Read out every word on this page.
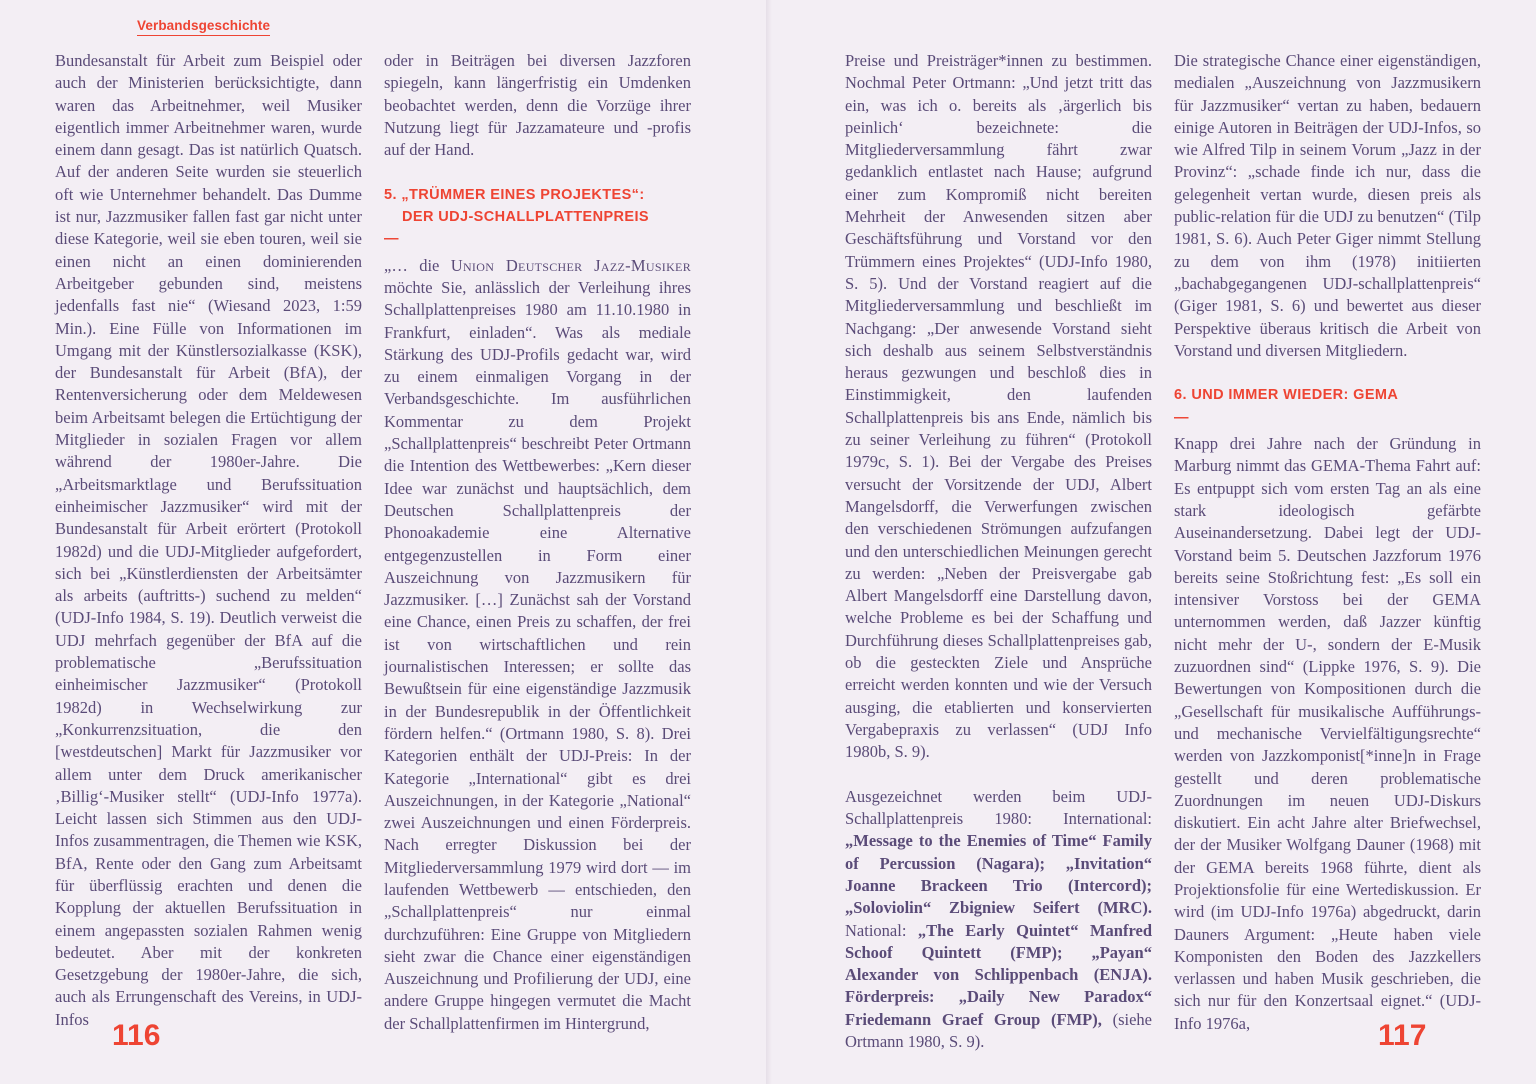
Verbandsgeschichte

Bundesanstalt für Arbeit zum Beispiel oder auch der Ministerien berücksichtigte, dann waren das Arbeitnehmer, weil Musiker eigentlich immer Arbeitnehmer waren, wurde einem dann gesagt. Das ist natürlich Quatsch. Auf der anderen Seite wurden sie steuerlich oft wie Unternehmer behandelt. Das Dumme ist nur, Jazzmusiker fallen fast gar nicht unter diese Kategorie, weil sie eben touren, weil sie einen nicht an einen dominierenden Arbeitgeber gebunden sind, meistens jedenfalls fast nie“ (Wiesand 2023, 1:59 Min.). Eine Fülle von Informationen im Umgang mit der Künstlersozialkasse (KSK), der Bundesanstalt für Arbeit (BfA), der Rentenversicherung oder dem Meldewesen beim Arbeitsamt belegen die Ertüchtigung der Mitglieder in sozialen Fragen vor allem während der 1980er-Jahre. Die „Arbeitsmarktlage und Berufssituation einheimischer Jazzmusiker“ wird mit der Bundesanstalt für Arbeit erörtert (Protokoll 1982d) und die UDJ-Mitglieder aufgefordert, sich bei „Künstlerdiensten der Arbeitsämter als arbeits (auftritts-) suchend zu melden“ (UDJ-Info 1984, S. 19). Deutlich verweist die UDJ mehrfach gegenüber der BfA auf die problematische „Berufssituation einheimischer Jazzmusiker“ (Protokoll 1982d) in Wechselwirkung zur „Konkurrenzsituation, die den [westdeutschen] Markt für Jazzmusiker vor allem unter dem Druck amerikanischer ‚Billig‘-Musiker stellt“ (UDJ-Info 1977a). Leicht lassen sich Stimmen aus den UDJ-Infos zusammentragen, die Themen wie KSK, BfA, Rente oder den Gang zum Arbeitsamt für überflüssig erachten und denen die Kopplung der aktuellen Berufssituation in einem angepassten sozialen Rahmen wenig bedeutet. Aber mit der konkreten Gesetzgebung der 1980er-Jahre, die sich, auch als Errungenschaft des Vereins, in UDJ-Infos

oder in Beiträgen bei diversen Jazzforen spiegeln, kann längerfristig ein Umdenken beobachtet werden, denn die Vorzüge ihrer Nutzung liegt für Jazzamateure und -profis auf der Hand.

5. „TRÜMMER EINES PROJEKTES“:
DER UDJ-SCHALLPLATTENPREIS
—

„… die Union Deutscher Jazz-Musiker möchte Sie, anlässlich der Verleihung ihres Schallplattenpreises 1980 am 11.10.1980 in Frankfurt, einladen“. Was als mediale Stärkung des UDJ-Profils gedacht war, wird zu einem einmaligen Vorgang in der Verbandsgeschichte. Im ausführlichen Kommentar zu dem Projekt „Schallplattenpreis“ beschreibt Peter Ortmann die Intention des Wettbewerbes: „Kern dieser Idee war zunächst und hauptsächlich, dem Deutschen Schallplattenpreis der Phonoakademie eine Alternative entgegenzustellen in Form einer Auszeichnung von Jazzmusikern für Jazzmusiker. […] Zunächst sah der Vorstand eine Chance, einen Preis zu schaffen, der frei ist von wirtschaftlichen und rein journalistischen Interessen; er sollte das Bewußtsein für eine eigenständige Jazzmusik in der Bundesrepublik in der Öffentlichkeit fördern helfen.“ (Ortmann 1980, S. 8). Drei Kategorien enthält der UDJ-Preis: In der Kategorie „International“ gibt es drei Auszeichnungen, in der Kategorie „National“ zwei Auszeichnungen und einen Förderpreis. Nach erregter Diskussion bei der Mitgliederversammlung 1979 wird dort — im laufenden Wettbewerb — entschieden, den „Schallplattenpreis“ nur einmal durchzuführen: Eine Gruppe von Mitgliedern sieht zwar die Chance einer eigenständigen Auszeichnung und Profilierung der UDJ, eine andere Gruppe hingegen vermutet die Macht der Schallplattenfirmen im Hintergrund,

Preise und Preisträger*innen zu bestimmen. Nochmal Peter Ortmann: „Und jetzt tritt das ein, was ich o. bereits als ‚ärgerlich bis peinlich‘ bezeichnete: die Mitgliederversammlung fährt zwar gedanklich entlastet nach Hause; aufgrund einer zum Kompromiß nicht bereiten Mehrheit der Anwesenden sitzen aber Geschäftsführung und Vorstand vor den Trümmern eines Projektes“ (UDJ-Info 1980, S. 5). Und der Vorstand reagiert auf die Mitgliederversammlung und beschließt im Nachgang: „Der anwesende Vorstand sieht sich deshalb aus seinem Selbstverständnis heraus gezwungen und beschloß dies in Einstimmigkeit, den laufenden Schallplattenpreis bis ans Ende, nämlich bis zu seiner Verleihung zu führen“ (Protokoll 1979c, S. 1). Bei der Vergabe des Preises versucht der Vorsitzende der UDJ, Albert Mangelsdorff, die Verwerfungen zwischen den verschiedenen Strömungen aufzufangen und den unterschiedlichen Meinungen gerecht zu werden: „Neben der Preisvergabe gab Albert Mangelsdorff eine Darstellung davon, welche Probleme es bei der Schaffung und Durchführung dieses Schallplattenpreises gab, ob die gesteckten Ziele und Ansprüche erreicht werden konnten und wie der Versuch ausging, die etablierten und konservierten Vergabepraxis zu verlassen“ (UDJ Info 1980b, S. 9).

Ausgezeichnet werden beim UDJ-Schallplattenpreis 1980: International: „Message to the Enemies of Time“ Family of Percussion (Nagara); „Invitation“ Joanne Brackeen Trio (Intercord); „Soloviolin“ Zbigniew Seifert (MRC). National: „The Early Quintet“ Manfred Schoof Quintett (FMP); „Payan“ Alexander von Schlippenbach (ENJA). Förderpreis: „Daily New Paradox“ Friedemann Graef Group (FMP), (siehe Ortmann 1980, S. 9).

Die strategische Chance einer eigenständigen, medialen „Auszeichnung von Jazzmusikern für Jazzmusiker“ vertan zu haben, bedauern einige Autoren in Beiträgen der UDJ-Infos, so wie Alfred Tilp in seinem Vorum „Jazz in der Provinz“: „schade finde ich nur, dass die gelegenheit vertan wurde, diesen preis als public-relation für die UDJ zu benutzen“ (Tilp 1981, S. 6). Auch Peter Giger nimmt Stellung zu dem von ihm (1978) initiierten „bachabgegangenen UDJ-schallplattenpreis“ (Giger 1981, S. 6) und bewertet aus dieser Perspektive überaus kritisch die Arbeit von Vorstand und diversen Mitgliedern.

6. UND IMMER WIEDER: GEMA
—

Knapp drei Jahre nach der Gründung in Marburg nimmt das GEMA-Thema Fahrt auf: Es entpuppt sich vom ersten Tag an als eine stark ideologisch gefärbte Auseinandersetzung. Dabei legt der UDJ-Vorstand beim 5. Deutschen Jazzforum 1976 bereits seine Stoßrichtung fest: „Es soll ein intensiver Vorstoss bei der GEMA unternommen werden, daß Jazzer künftig nicht mehr der U-, sondern der E-Musik zuzuordnen sind“ (Lippke 1976, S. 9). Die Bewertungen von Kompositionen durch die „Gesellschaft für musikalische Aufführungs- und mechanische Vervielfältigungsrechte“ werden von Jazzkomponist[*inne]n in Frage gestellt und deren problematische Zuordnungen im neuen UDJ-Diskurs diskutiert. Ein acht Jahre alter Briefwechsel, der der Musiker Wolfgang Dauner (1968) mit der GEMA bereits 1968 führte, dient als Projektionsfolie für eine Wertediskussion. Er wird (im UDJ-Info 1976a) abgedruckt, darin Dauners Argument: „Heute haben viele Komponisten den Boden des Jazzkellers verlassen und haben Musik geschrieben, die sich nur für den Konzertsaal eignet.“ (UDJ-Info 1976a,

116	117
